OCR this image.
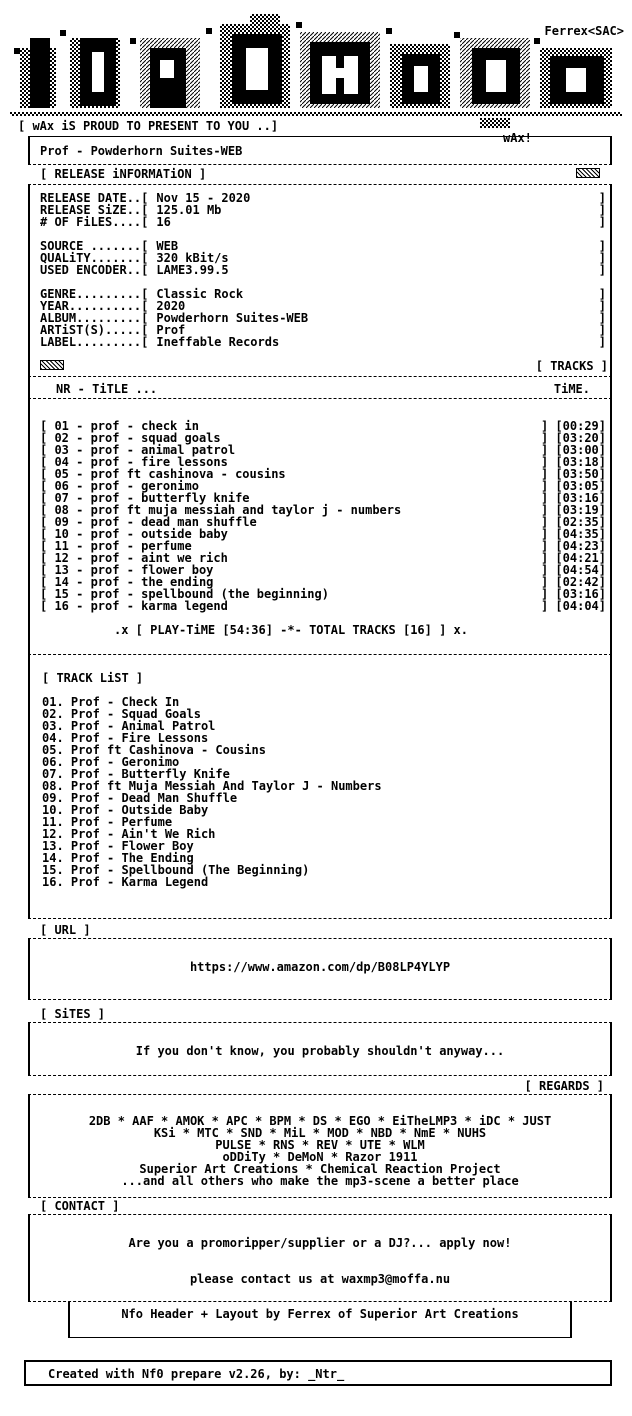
Ferrex<SAC>
[ wAx iS PROUD TO PRESENT TO YOU ..]
wAx!
Prof - Powderhorn Suites-WEB
[ RELEASE iNFORMATiON ]
RELEASE DATE..[ Nov 15 - 2020	]
RELEASE SiZE..[ 125.01 Mb	]
# OF FiLES....[ 16	]
SOURCE .......[ WEB	]
QUALiTY.......[ 320 kBit/s	]
USED ENCODER..[ LAME3.99.5	]
GENRE.........[ Classic Rock	]
YEAR..........[ 2020	]
ALBUM.........[ Powderhorn Suites-WEB	]
ARTiST(S).....[ Prof	]
LABEL.........[ Ineffable Records	]
[ TRACKS ]
NR - TiTLE ...	TiME.
[ 01 - prof - check in	] [00:29]
[ 02 - prof - squad goals	] [03:20]
[ 03 - prof - animal patrol	] [03:00]
[ 04 - prof - fire lessons	] [03:18]
[ 05 - prof ft cashinova - cousins	] [03:50]
[ 06 - prof - geronimo	] [03:05]
[ 07 - prof - butterfly knife	] [03:16]
[ 08 - prof ft muja messiah and taylor j - numbers	] [03:19]
[ 09 - prof - dead man shuffle	] [02:35]
[ 10 - prof - outside baby	] [04:35]
[ 11 - prof - perfume	] [04:23]
[ 12 - prof - aint we rich	] [04:21]
[ 13 - prof - flower boy	] [04:54]
[ 14 - prof - the ending	] [02:42]
[ 15 - prof - spellbound (the beginning)	] [03:16]
[ 16 - prof - karma legend	] [04:04]
.x [ PLAY-TiME [54:36] -*- TOTAL TRACKS [16] ] x.
[ TRACK LiST ]
01. Prof - Check In
02. Prof - Squad Goals
03. Prof - Animal Patrol
04. Prof - Fire Lessons
05. Prof ft Cashinova - Cousins
06. Prof - Geronimo
07. Prof - Butterfly Knife
08. Prof ft Muja Messiah And Taylor J - Numbers
09. Prof - Dead Man Shuffle
10. Prof - Outside Baby
11. Prof - Perfume
12. Prof - Ain't We Rich
13. Prof - Flower Boy
14. Prof - The Ending
15. Prof - Spellbound (The Beginning)
16. Prof - Karma Legend
[ URL ]
https://www.amazon.com/dp/B08LP4YLYP
[ SiTES ]
If you don't know, you probably shouldn't anyway...
[ REGARDS ]
2DB * AAF * AMOK * APC * BPM * DS * EGO * EiTheLMP3 * iDC * JUST
KSi * MTC * SND * MiL * MOD * NBD * NmE * NUHS
PULSE * RNS * REV * UTE * WLM
oDDiTy * DeMoN * Razor 1911
Superior Art Creations * Chemical Reaction Project
...and all others who make the mp3-scene a better place
[ CONTACT ]
Are you a promoripper/supplier or a DJ?... apply now!
please contact us at waxmp3@moffa.nu
Nfo Header + Layout by Ferrex of Superior Art Creations
Created with Nf0 prepare v2.26, by: _Ntr_
